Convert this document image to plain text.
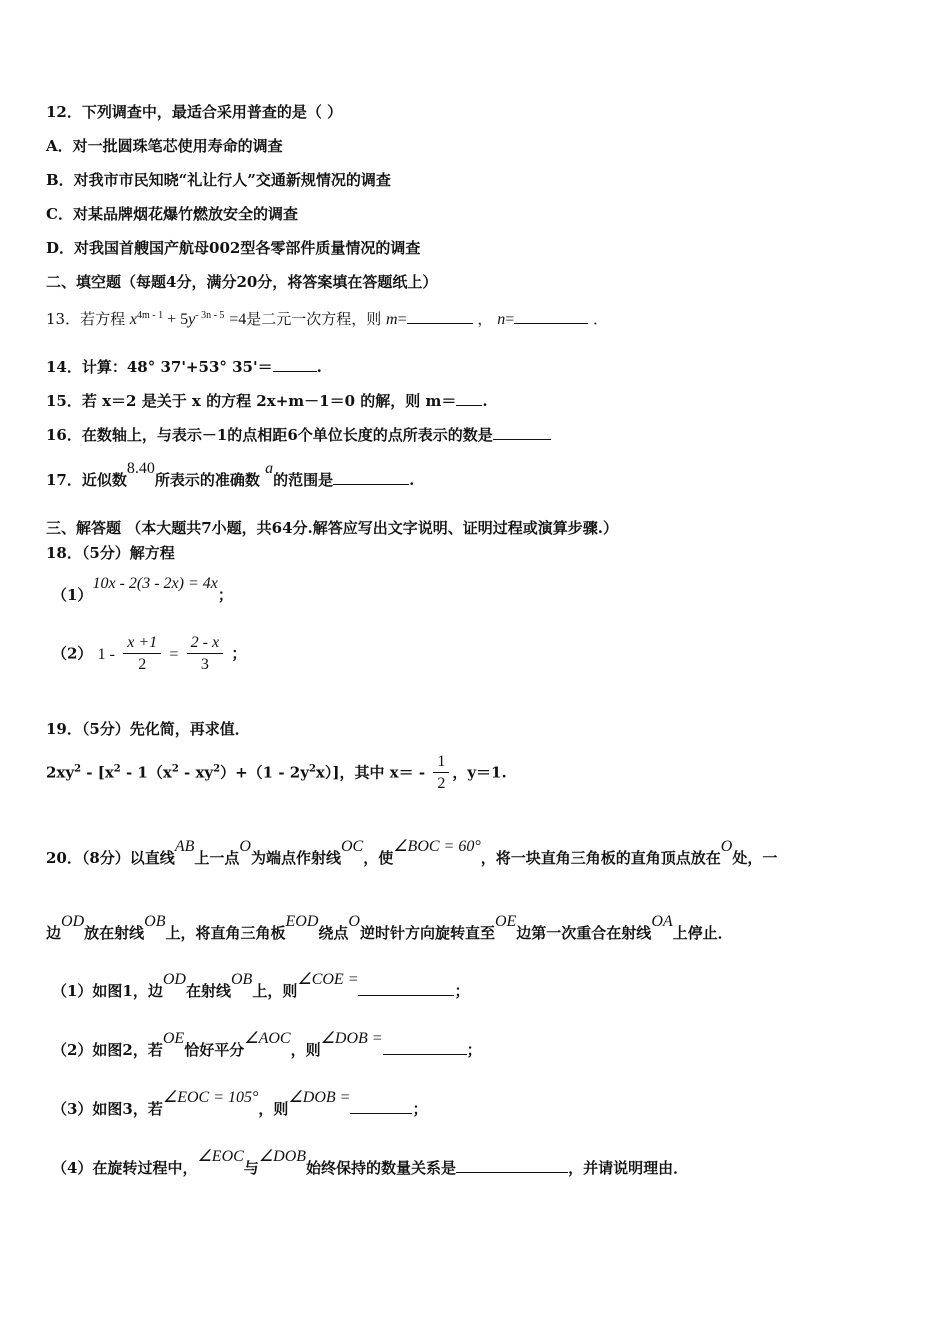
12．下列调查中，最适合采用普查的是（ ）
A．对一批圆珠笔芯使用寿命的调查
B．对我市市民知晓“礼让行人”交通新规情况的调查
C．对某品牌烟花爆竹燃放安全的调查
D．对我国首艘国产航母002型各零部件质量情况的调查
二、填空题（每题4分，满分20分，将答案填在答题纸上）
13．若方程 $x^{4m - 1} + 5y^{- 3n - 5} =4$是二元一次方程，则 m=	， n=	．
14．计算：48° 37'+53° 35'＝	.
15．若 x＝2 是关于 x 的方程 2x+m－1＝0 的解，则 m＝ .
16．在数轴上，与表示－1的点相距6个单位长度的点所表示的数是
17．近似数8.40所表示的准确数 a的范围是	.
三、解答题 （本大题共7小题，共64分.解答应写出文字说明、证明过程或演算步骤.）
18．（5分）解方程
（1）10x - 2(3 - 2x) = 4x；
（2） $1 - \frac{x +1}{2} = \frac{2 - x}{3}$ ；
19．（5分）先化简，再求值．
$2xy^2 - [x^2 - 1(x^2 - xy^2)+(1 - 2y^2x)]$，其中 $x= - \frac{1}{2}$ ，y＝1.
20．（8分）以直线AB上一点O为端点作射线OC，使∠BOC = 60°，将一块直角三角板的直角顶点放在O处，一
边OD放在射线OB上，将直角三角板EOD绕点O逆时针方向旋转直至OE边第一次重合在射线OA上停止．
（1）如图1，边OD在射线OB上，则∠COE =；
（2）如图2，若OE恰好平分∠AOC，则∠DOB =；
（3）如图3，若∠EOC = 105°，则∠DOB =；
（4）在旋转过程中，∠EOC与∠DOB始终保持的数量关系是	，并请说明理由．
